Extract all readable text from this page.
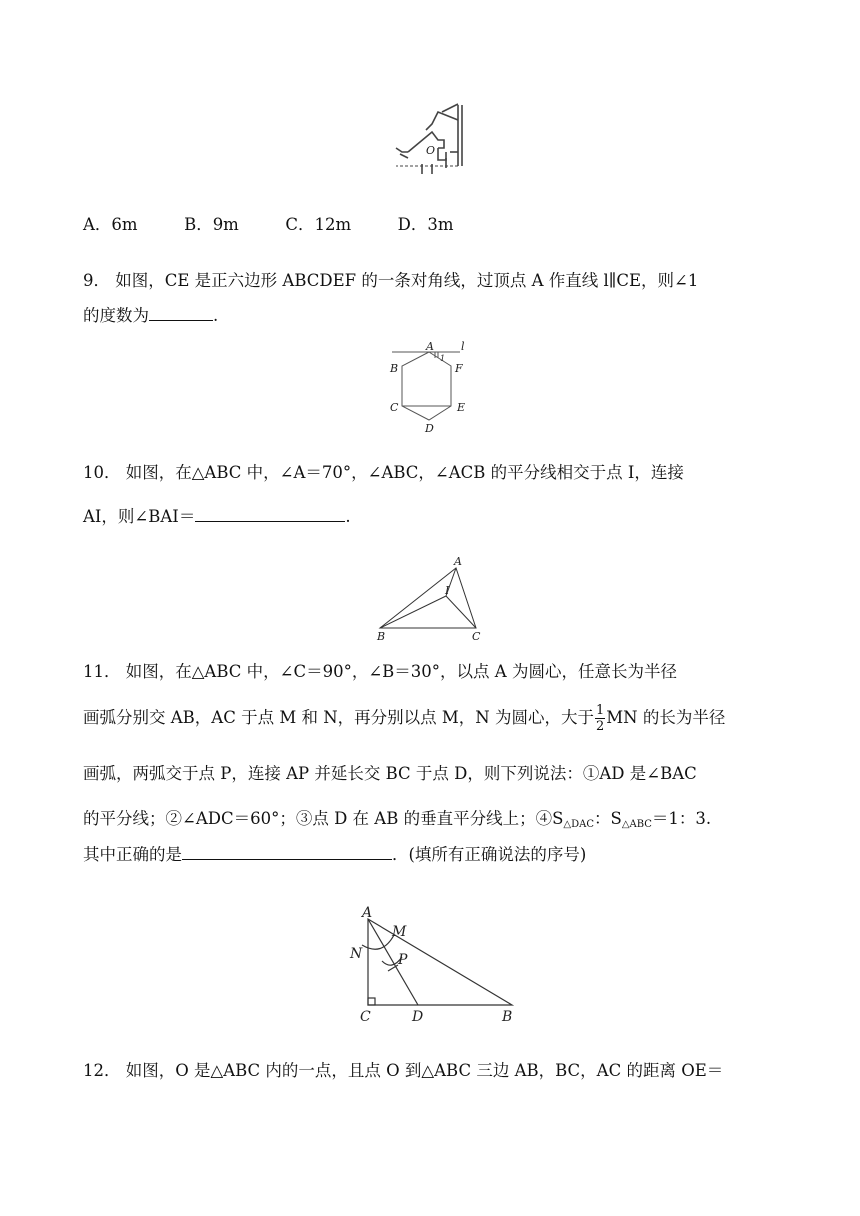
O
A．6m	B．9m	C．12m	D．3m
9． 如图，CE 是正六边形 ABCDEF 的一条对角线，过顶点 A 作直线 l∥CE，则∠1
的度数为	.
A
B
C
D
E
F
l
1
10． 如图，在△ABC 中，∠A＝70°，∠ABC，∠ACB 的平分线相交于点 I，连接
AI，则∠BAI＝	.
A
B	C
I
11． 如图，在△ABC 中，∠C＝90°，∠B＝30°，以点 A 为圆心，任意长为半径
画弧分别交 AB，AC 于点 M 和 N，再分别以点 M，N 为圆心，大于 $\frac{1}{2}$ MN 的长为半径
画弧，两弧交于点 P，连接 AP 并延长交 BC 于点 D，则下列说法：①AD 是∠BAC
的平分线；②∠ADC＝60°；③点 D 在 AB 的垂直平分线上；$④S_{\triangle DAC}$：$S_{\triangle ABC}=1$：3.
其中正确的是	．(填所有正确说法的序号)
A
M
N	P
C	D	B
12． 如图，O 是△ABC 内的一点，且点 O 到△ABC 三边 AB，BC，AC 的距离 OE＝
